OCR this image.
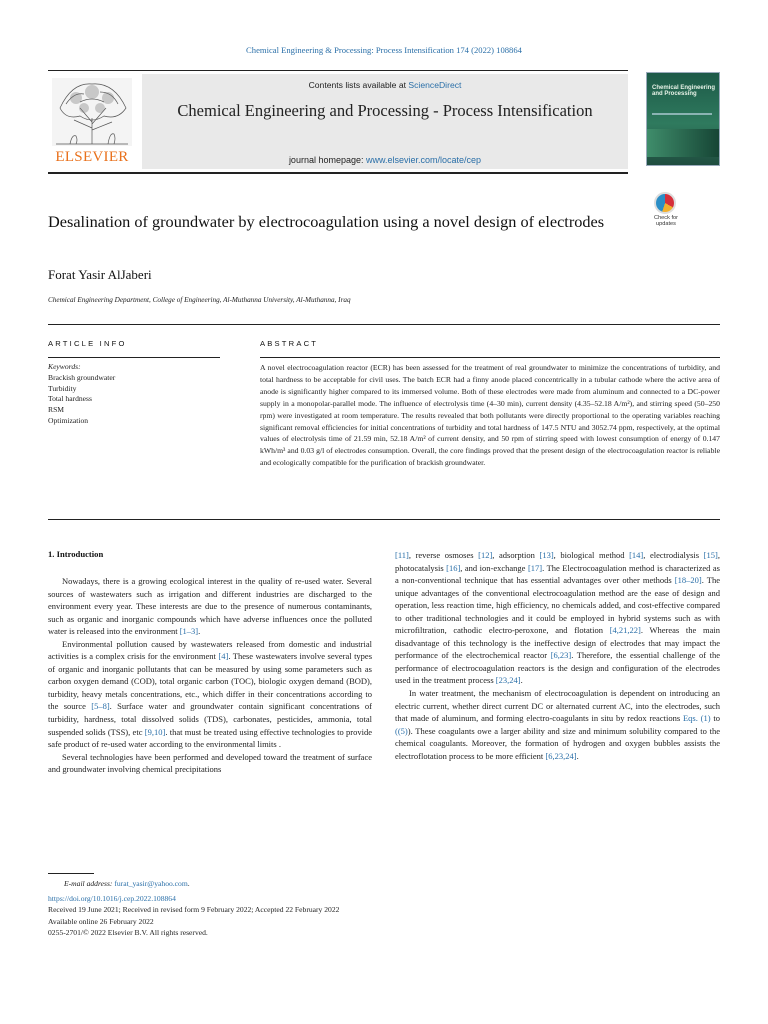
Chemical Engineering & Processing: Process Intensification 174 (2022) 108864
ELSEVIER
Contents lists available at ScienceDirect
Chemical Engineering and Processing - Process Intensification
journal homepage: www.elsevier.com/locate/cep
Chemical Engineering and Processing
Desalination of groundwater by electrocoagulation using a novel design of electrodes	Check for updates
Forat Yasir AlJaberi
Chemical Engineering Department, College of Engineering, Al-Muthanna University, Al-Muthanna, Iraq
ARTICLE INFO	ABSTRACT
Keywords:
Brackish groundwater
Turbidity
Total hardness
RSM
Optimization
A novel electrocoagulation reactor (ECR) has been assessed for the treatment of real groundwater to minimize the concentrations of turbidity, and total hardness to be acceptable for civil uses. The batch ECR had a finny anode placed concentrically in a tubular cathode where the active area of anode is significantly higher compared to its immersed volume. Both of these electrodes were made from aluminum and connected to a DC-power supply in a monopolar-parallel mode. The influence of electrolysis time (4–30 min), current density (4.35–52.18 A/m²), and stirring speed (50–250 rpm) were investigated at room temperature. The results revealed that both pollutants were directly proportional to the operating variables reaching significant removal efficiencies for initial concentrations of turbidity and total hardness of 147.5 NTU and 3052.74 ppm, respectively, at the optimal values of electrolysis time of 21.59 min, 52.18 A/m² of current density, and 50 rpm of stirring speed with lowest consumption of energy of 0.147 kWh/m³ and 0.03 g/l of electrodes consumption. Overall, the core findings proved that the present design of the electrocoagulation reactor is reliable and ecologically compatible for the purification of brackish groundwater.
1. Introduction

Nowadays, there is a growing ecological interest in the quality of re-used water. Several sources of wastewaters such as irrigation and different industries are discharged to the environment every year. These interests are due to the presence of numerous contaminants, such as organic and inorganic compounds which have adverse influences once the polluted water is released into the environment [1–3].

Environmental pollution caused by wastewaters released from domestic and industrial activities is a complex crisis for the environment [4]. These wastewaters involve several types of organic and inorganic pollutants that can be measured by using some parameters such as carbon oxygen demand (COD), total organic carbon (TOC), biologic oxygen demand (BOD), turbidity, heavy metals concentrations, etc., which differ in their concentrations according to the source [5–8]. Surface water and groundwater contain significant concentrations of turbidity, hardness, total dissolved solids (TDS), carbonates, pesticides, ammonia, total suspended solids (TSS), etc [9,10]. that must be treated using effective technologies to provide safe product of re-used water according to the environmental limits .

Several technologies have been performed and developed toward the treatment of surface and groundwater involving chemical precipitations

[11], reverse osmoses [12], adsorption [13], biological method [14], electrodialysis [15], photocatalysis [16], and ion-exchange [17]. The Electrocoagulation method is characterized as a non-conventional technique that has essential advantages over other methods [18–20]. The unique advantages of the conventional electrocoagulation method are the ease of design and operation, less reaction time, high efficiency, no chemicals added, and cost-effective compared to other traditional technologies and it could be employed in hybrid systems such as with microfiltration, cathodic electro-peroxone, and flotation [4,21,22]. Whereas the main disadvantage of this technology is the ineffective design of electrodes that may impact the performance of the electrochemical reactor [6,23]. Therefore, the essential challenge of the performance of electrocoagulation reactors is the design and configuration of the electrodes used in the treatment process [23,24].

In water treatment, the mechanism of electrocoagulation is dependent on introducing an electric current, whether direct current DC or alternated current AC, into the electrodes, such that made of aluminum, and forming electro-coagulants in situ by redox reactions Eqs. (1) to ((5)). These coagulants owe a larger ability and size and minimum solubility compared to the chemical coagulants. Moreover, the formation of hydrogen and oxygen bubbles assists the electroflotation process to be more efficient [6,23,24].

E-mail address: furat_yasir@yahoo.com.
https://doi.org/10.1016/j.cep.2022.108864
Received 19 June 2021; Received in revised form 9 February 2022; Accepted 22 February 2022
Available online 26 February 2022
0255-2701/© 2022 Elsevier B.V. All rights reserved.
